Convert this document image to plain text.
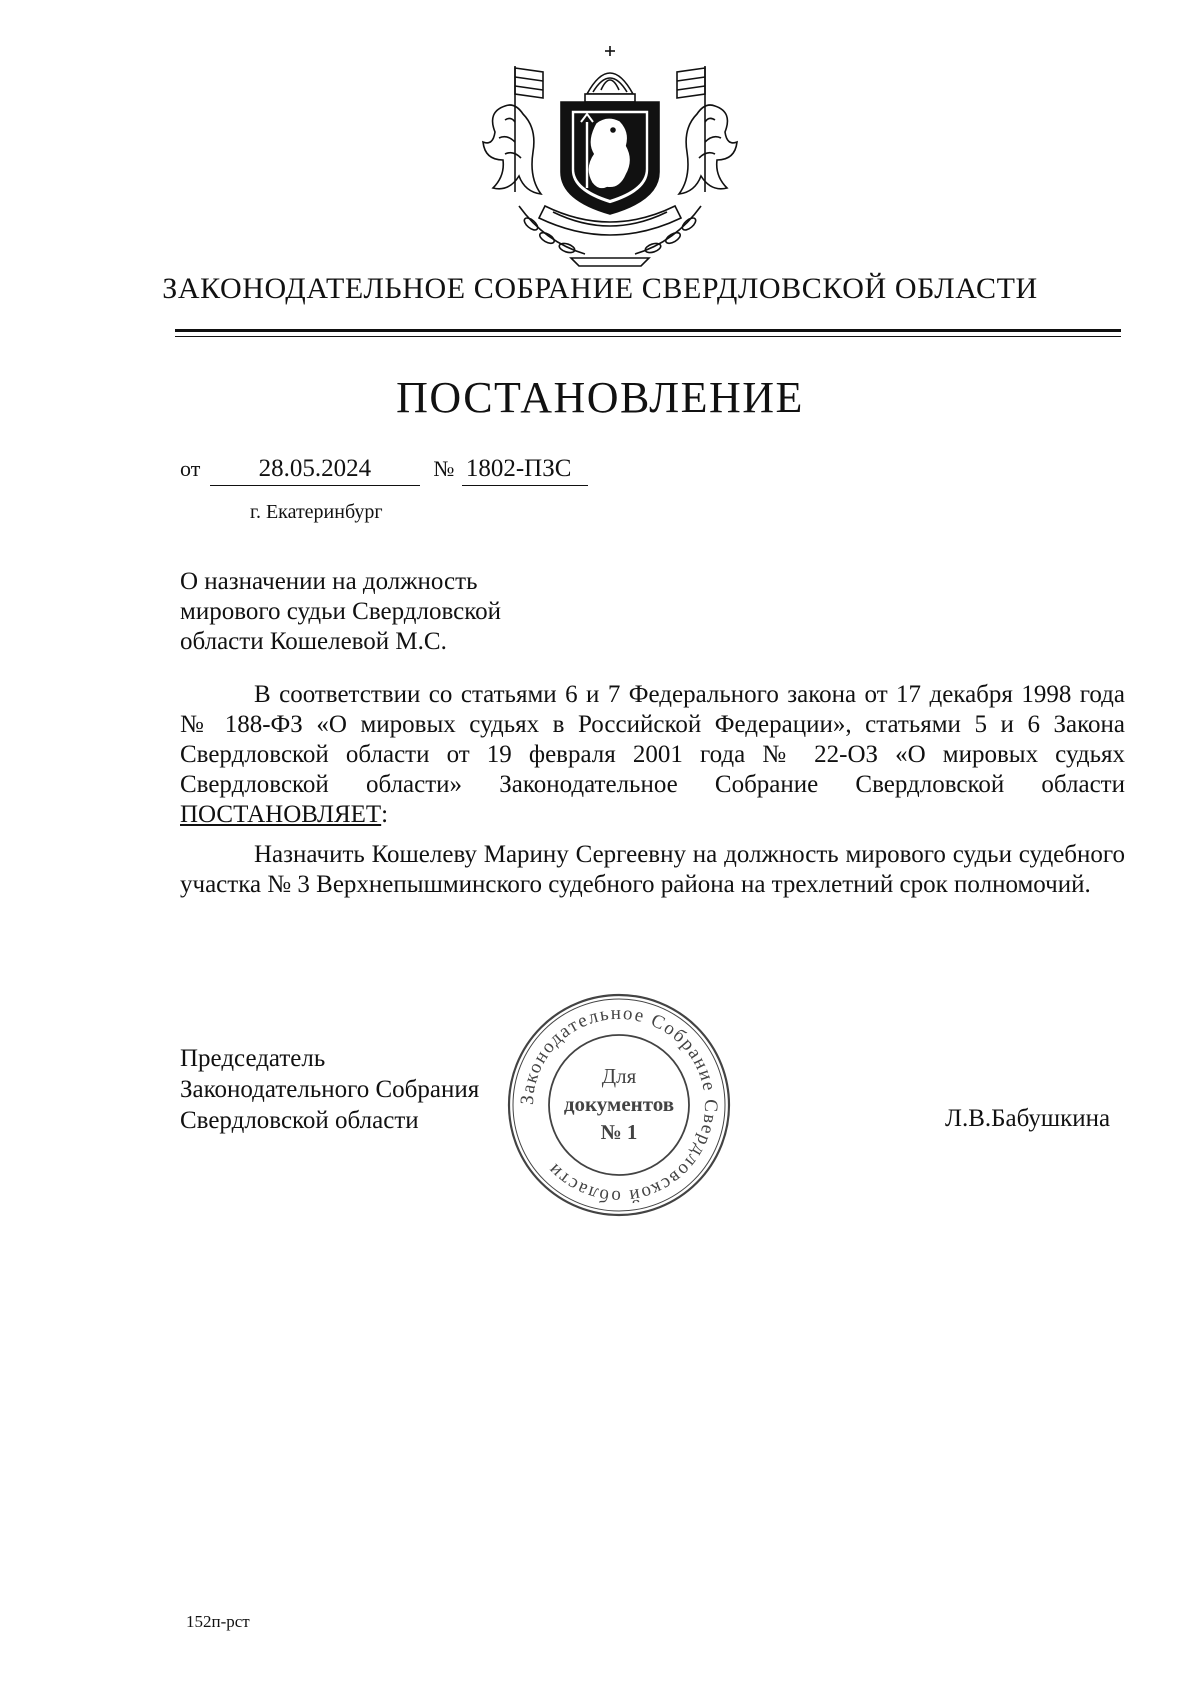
ЗАКОНОДАТЕЛЬНОЕ СОБРАНИЕ СВЕРДЛОВСКОЙ ОБЛАСТИ
ПОСТАНОВЛЕНИЕ
от 28.05.2024	№ 1802-ПЗС
г. Екатеринбург
О назначении на должность
мирового судьи Свердловской
области Кошелевой М.С.

В соответствии со статьями 6 и 7 Федерального закона от 17 декабря 1998 года № 188-ФЗ «О мировых судьях в Российской Федерации», статьями 5 и 6 Закона Свердловской области от 19 февраля 2001 года № 22-ОЗ «О мировых судьях Свердловской области» Законодательное Собрание Свердловской области ПОСТАНОВЛЯЕТ:

Назначить Кошелеву Марину Сергеевну на должность мирового судьи судебного участка № 3 Верхнепышминского судебного района на трехлетний срок полномочий.

Председатель
Законодательного Собрания
Свердловской области	Л.В.Бабушкина
Законодательное Собрание Свердловской области
Для
документов
№ 1
152п-рст
